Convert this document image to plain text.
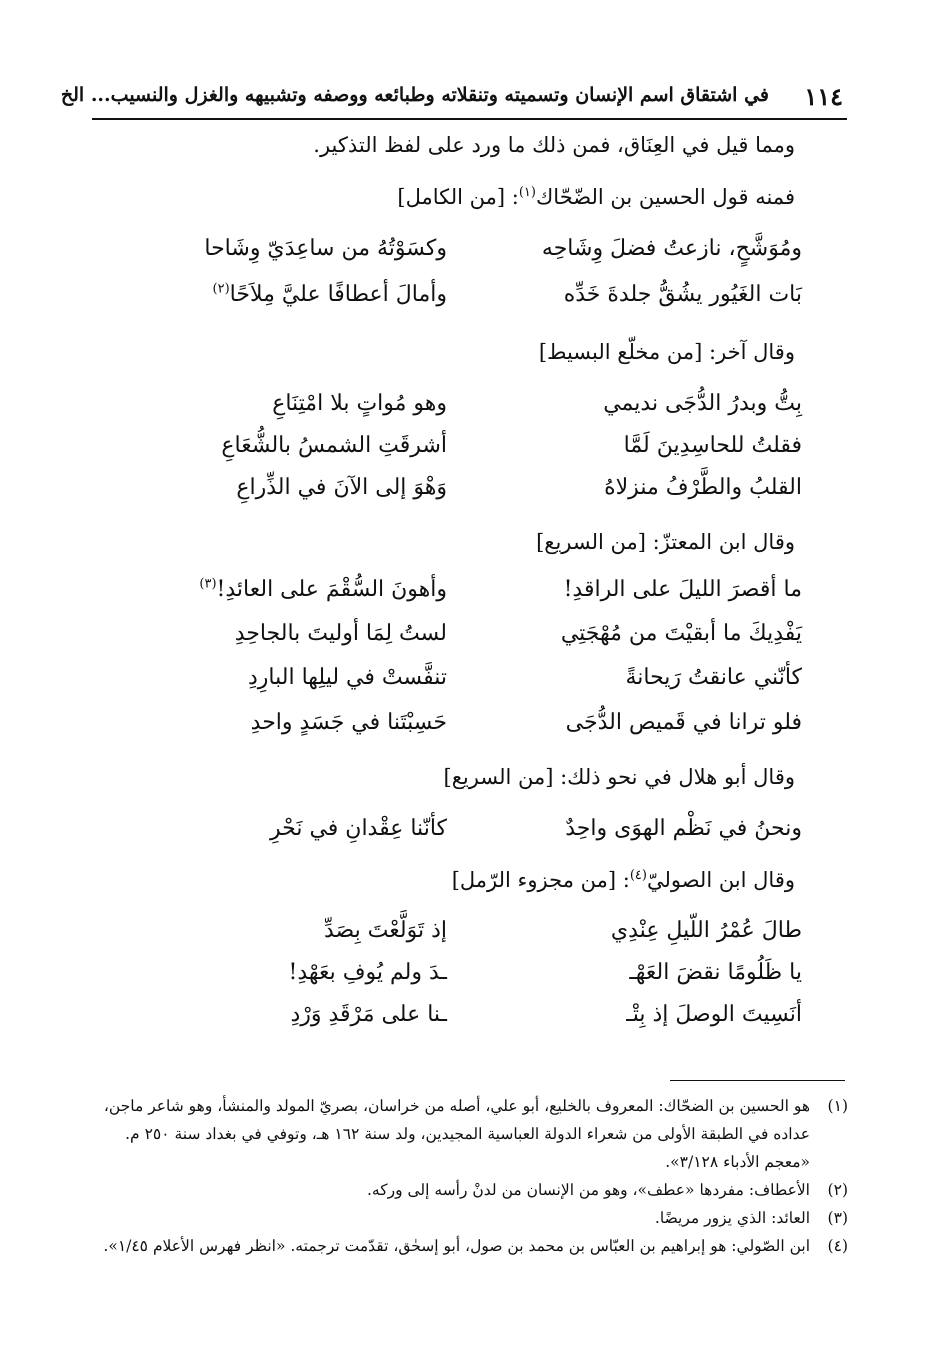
١١٤
في اشتقاق اسم الإنسان وتسميته وتنقلاته وطبائعه ووصفه وتشبيهه والغزل والنسيب... الخ
ومما قيل في العِنَاق، فمن ذلك ما ورد على لفظ التذكير.
فمنه قول الحسين بن الضّحّاك$^{(١)}$: [من الكامل]
ومُوَشَّحٍ، نازعتُ فضلَ وِشَاحِه
وكسَوْتُهُ من ساعِدَيّ وِشَاحا
بَات الغَيُور يشُقُّ جلدةَ خَدِّه
وأمالَ أعطافًا عليَّ مِلاَحًا$^{(٢)}$
وقال آخر: [من مخلّع البسيط]
بِتُّ وبدرُ الدُّجَى نديمي
وهو مُواتٍ بلا امْتِنَاعِ
فقلتُ للحاسِدِينَ لَمَّا
أشرقَتِ الشمسُ بالشُّعَاعِ
القلبُ والطَّرْفُ منزلاهُ
وَهْوَ إلى الآنَ في الذِّراعِ
وقال ابن المعتزّ: [من السريع]
ما أقصرَ الليلَ على الراقدِ!
وأهونَ السُّقْمَ على العائدِ!$^{(٣)}$
يَفْدِيكَ ما أبقيْتَ من مُهْجَتِي
لستُ لِمَا أوليتَ بالجاحِدِ
كأنّني عانقتُ رَيحانةً
تنفَّستْ في ليلِها البارِدِ
فلو ترانا في قَميص الدُّجَى
حَسِبْتَنا في جَسَدٍ واحدِ
وقال أبو هلال في نحو ذلك: [من السريع]
ونحنُ في نَظْم الهوَى واحِدٌ
كأنّنا عِقْدانِ في نَحْرِ
وقال ابن الصوليّ$^{(٤)}$: [من مجزوء الرّمل]
طالَ عُمْرُ اللّيلِ عِنْدِي
إذ تَوَلَّعْتَ بِصَدِّ
يا ظَلُومًا نقضَ العَهْـ
ـدَ ولم يُوفِ بعَهْدِ!
أنَسِيتَ الوصلَ إذ بِتْـ
ـنا على مَرْقَدِ وَرْدِ
(١)
هو الحسين بن الضحّاك: المعروف بالخليع، أبو علي، أصله من خراسان، بصريّ المولد والمنشأ، وهو شاعر ماجن، عداده في الطبقة الأولى من شعراء الدولة العباسية المجيدين، ولد سنة ١٦٢ هـ، وتوفي في بغداد سنة ٢٥٠ م. «معجم الأدباء ٣/١٢٨».
(٢)
الأعطاف: مفردها «عطف»، وهو من الإنسان من لدنْ رأسه إلى وركه.
(٣)
العائد: الذي يزور مريضًا.
(٤)
ابن الصّولي: هو إبراهيم بن العبّاس بن محمد بن صول، أبو إسحٰق، تقدّمت ترجمته. «انظر فهرس الأعلام ١/٤٥».
